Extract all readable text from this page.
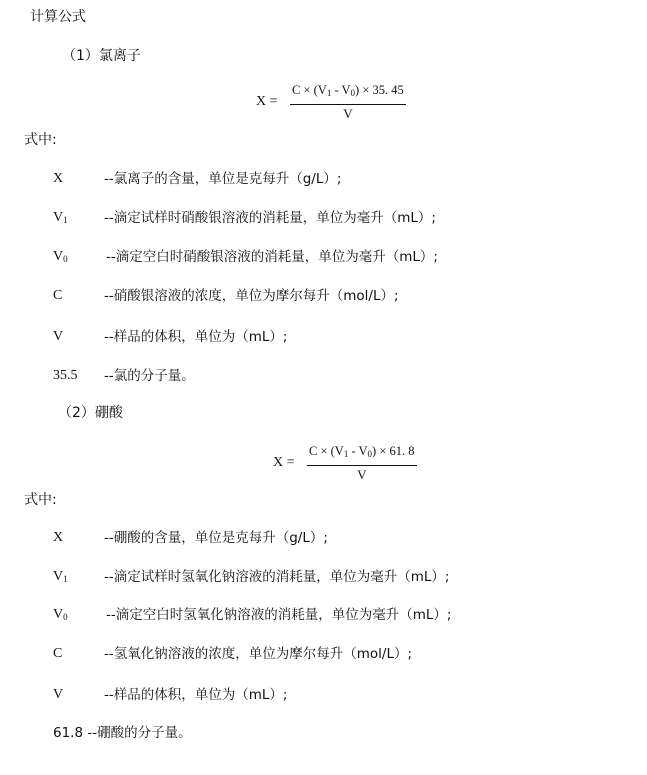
计算公式
（1）氯离子
$X = \frac{C \times (V_1 - V_0) \times 35. 45}{V}$
式中:
X	--氯离子的含量，单位是克每升（g/L）;
$V_1$	--滴定试样时硝酸银溶液的消耗量，单位为毫升（mL）;
$V_0$	--滴定空白时硝酸银溶液的消耗量，单位为毫升（mL）;
C	--硝酸银溶液的浓度，单位为摩尔每升（mol/L）;
V	--样品的体积，单位为（mL）;
35.5 --氯的分子量。
（2）硼酸
$X = \frac{C \times (V_1 - V_0) \times 61. 8}{V}$
式中:
X	--硼酸的含量，单位是克每升（g/L）;
$V_1$	--滴定试样时氢氧化钠溶液的消耗量，单位为毫升（mL）;
$V_0$	--滴定空白时氢氧化钠溶液的消耗量，单位为毫升（mL）;
C	--氢氧化钠溶液的浓度，单位为摩尔每升（mol/L）;
V	--样品的体积，单位为（mL）;
61.8 --硼酸的分子量。
